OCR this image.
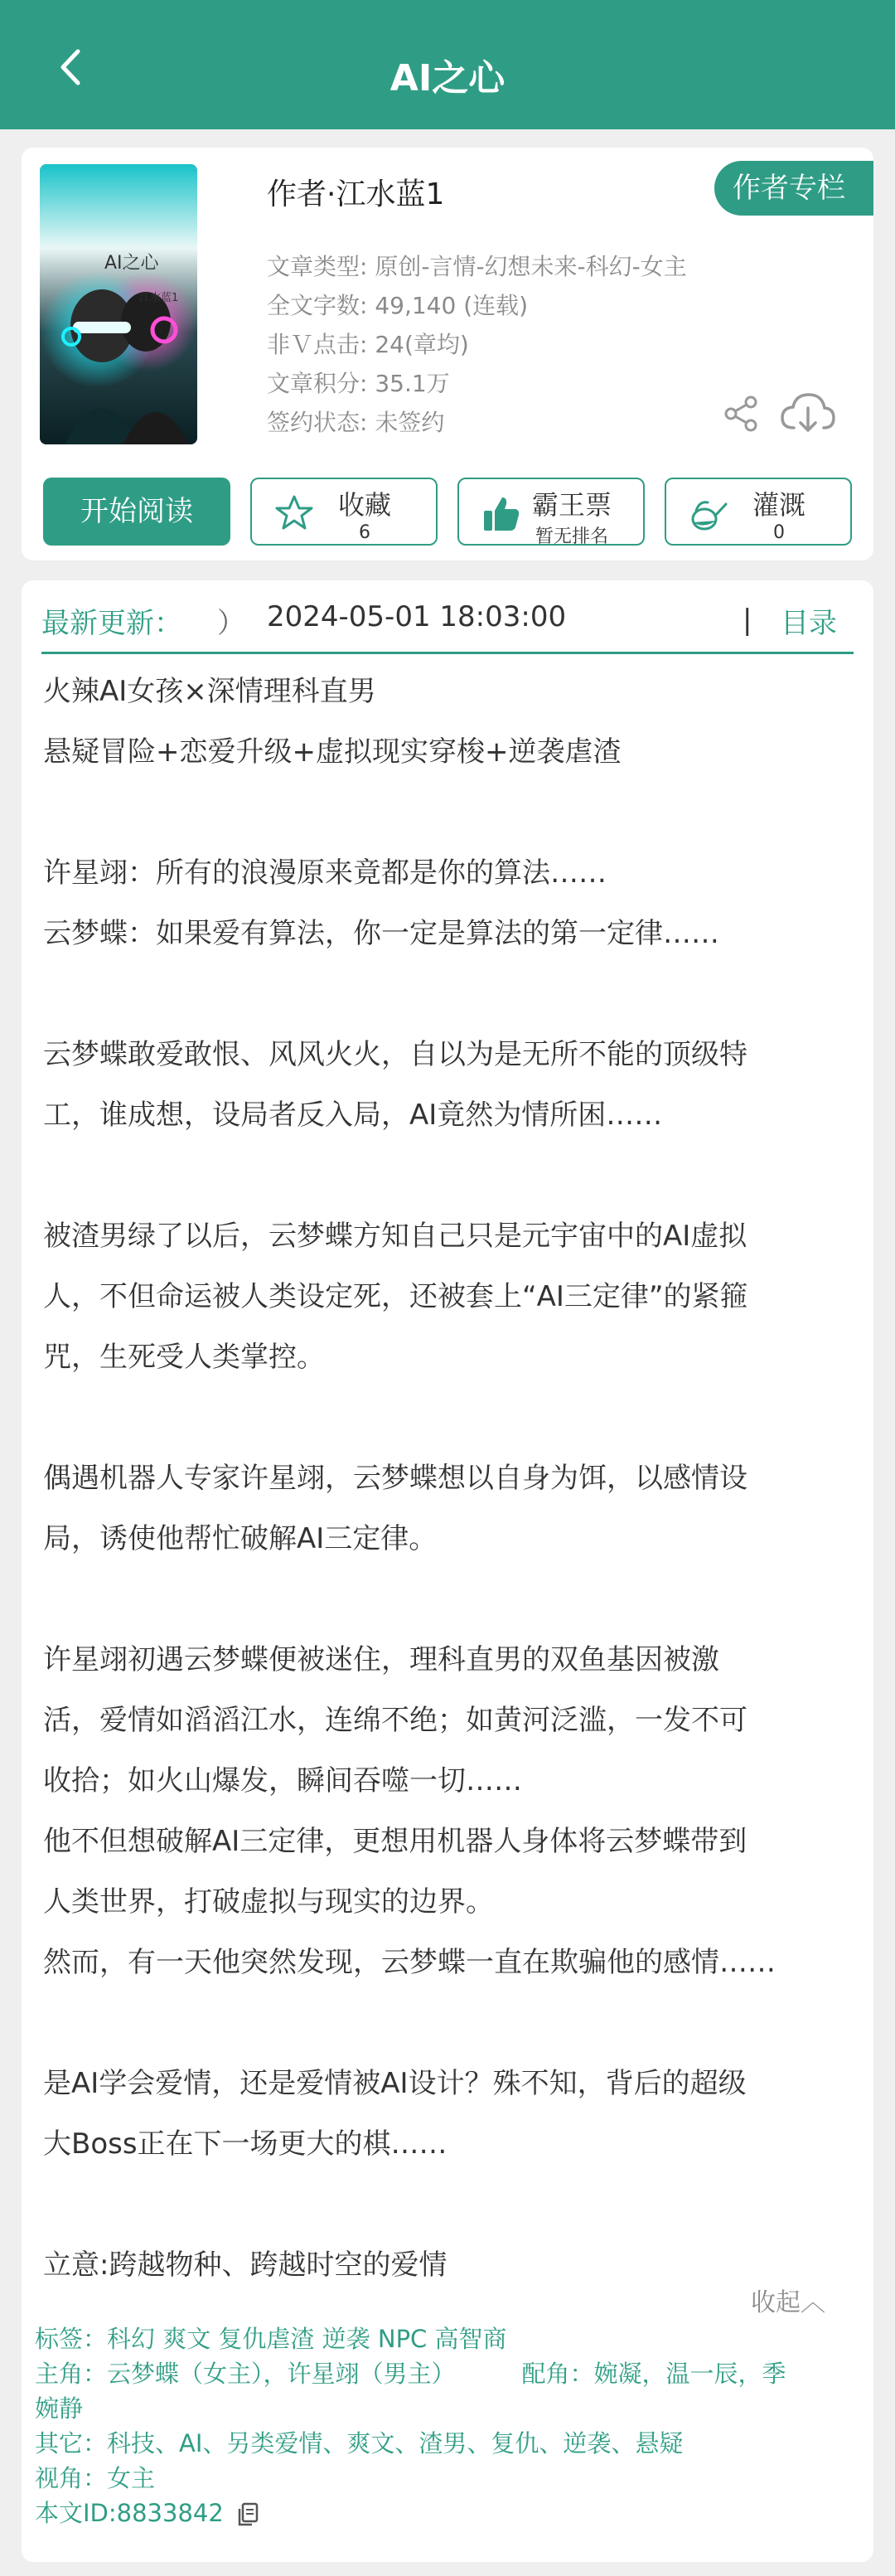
AI之心
AI之心
江水蓝1
作者·江水蓝1	作者专栏
文章类型: 原创-言情-幻想未来-科幻-女主
全文字数: 49,140 (连载)
非Ｖ点击: 24(章均)
文章积分: 35.1万
签约状态: 未签约
开始阅读	收藏
6
霸王票
暂无排名
灌溉
0
最新更新： ） 2024-05-01 18:03:00	| 目录
火辣AI女孩×深情理科直男
悬疑冒险+恋爱升级+虚拟现实穿梭+逆袭虐渣
许星翊：所有的浪漫原来竟都是你的算法……
云梦蝶：如果爱有算法，你一定是算法的第一定律……
云梦蝶敢爱敢恨、风风火火，自以为是无所不能的顶级特
工，谁成想，设局者反入局，AI竟然为情所困……
被渣男绿了以后，云梦蝶方知自己只是元宇宙中的AI虚拟
人，不但命运被人类设定死，还被套上“AI三定律”的紧箍
咒，生死受人类掌控。
偶遇机器人专家许星翊，云梦蝶想以自身为饵，以感情设
局，诱使他帮忙破解AI三定律。
许星翊初遇云梦蝶便被迷住，理科直男的双鱼基因被激
活，爱情如滔滔江水，连绵不绝；如黄河泛滥，一发不可
收拾；如火山爆发，瞬间吞噬一切……
他不但想破解AI三定律，更想用机器人身体将云梦蝶带到
人类世界，打破虚拟与现实的边界。
然而，有一天他突然发现，云梦蝶一直在欺骗他的感情……
是AI学会爱情，还是爱情被AI设计？殊不知，背后的超级
大Boss正在下一场更大的棋……
立意:跨越物种、跨越时空的爱情
收起︿
标签：科幻 爽文 复仇虐渣 逆袭 NPC 高智商
主角：云梦蝶（女主），许星翊（男主）	配角：婉凝，温一辰，季
婉静
其它：科技、AI、另类爱情、爽文、渣男、复仇、逆袭、悬疑
视角：女主
本文ID:8833842
